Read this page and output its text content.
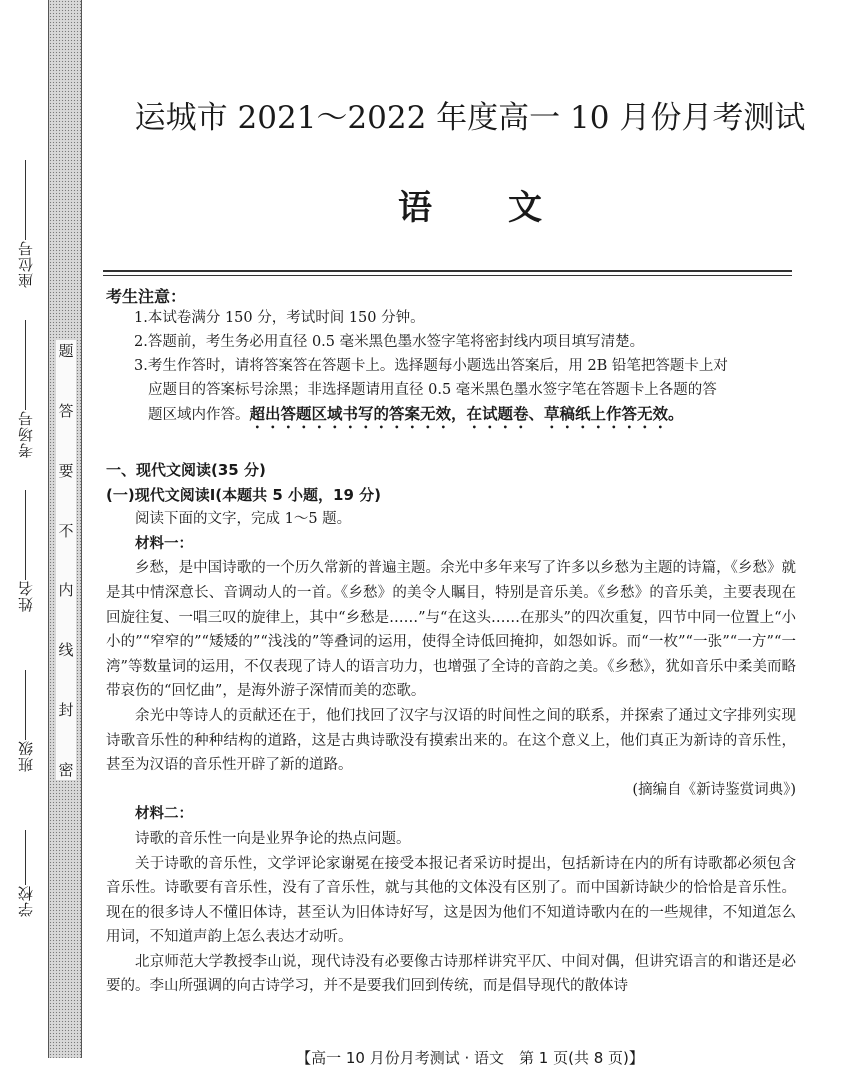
题
答
要
不
内
线
封
密
座位号
考场号
姓名
班级
学校
运城市 2021～2022 年度高一 10 月份月考测试
语 文
考生注意：

1.本试卷满分 150 分，考试时间 150 分钟。

2.答题前，考生务必用直径 0.5 毫米黑色墨水签字笔将密封线内项目填写清楚。

3.考生作答时，请将答案答在答题卡上。选择题每小题选出答案后，用 2B 铅笔把答题卡上对

应题目的答案标号涂黑；非选择题请用直径 0.5 毫米黑色墨水签字笔在答题卡上各题的答

题区域内作答。超出答题区域书写的答案无效，在试题卷、草稿纸上作答无效。

一、现代文阅读(35 分)

(一)现代文阅读Ⅰ(本题共 5 小题，19 分)

阅读下面的文字，完成 1～5 题。

材料一：

乡愁，是中国诗歌的一个历久常新的普遍主题。余光中多年来写了许多以乡愁为主题的诗篇，《乡愁》就是其中情深意长、音调动人的一首。《乡愁》的美令人瞩目，特别是音乐美。《乡愁》的音乐美，主要表现在回旋往复、一唱三叹的旋律上，其中“乡愁是……”与“在这头……在那头”的四次重复，四节中同一位置上“小小的”“窄窄的”“矮矮的”“浅浅的”等叠词的运用，使得全诗低回掩抑，如怨如诉。而“一枚”“一张”“一方”“一湾”等数量词的运用，不仅表现了诗人的语言功力，也增强了全诗的音韵之美。《乡愁》，犹如音乐中柔美而略带哀伤的“回忆曲”，是海外游子深情而美的恋歌。

余光中等诗人的贡献还在于，他们找回了汉字与汉语的时间性之间的联系，并探索了通过文字排列实现诗歌音乐性的种种结构的道路，这是古典诗歌没有摸索出来的。在这个意义上，他们真正为新诗的音乐性，甚至为汉语的音乐性开辟了新的道路。

(摘编自《新诗鉴赏词典》)

材料二：

诗歌的音乐性一向是业界争论的热点问题。

关于诗歌的音乐性，文学评论家谢冕在接受本报记者采访时提出，包括新诗在内的所有诗歌都必须包含音乐性。诗歌要有音乐性，没有了音乐性，就与其他的文体没有区别了。而中国新诗缺少的恰恰是音乐性。现在的很多诗人不懂旧体诗，甚至认为旧体诗好写，这是因为他们不知道诗歌内在的一些规律，不知道怎么用词，不知道声韵上怎么表达才动听。

北京师范大学教授李山说，现代诗没有必要像古诗那样讲究平仄、中间对偶，但讲究语言的和谐还是必要的。李山所强调的向古诗学习，并不是要我们回到传统，而是倡导现代的散体诗

【高一 10 月份月考测试 · 语文　第 1 页(共 8 页)】
